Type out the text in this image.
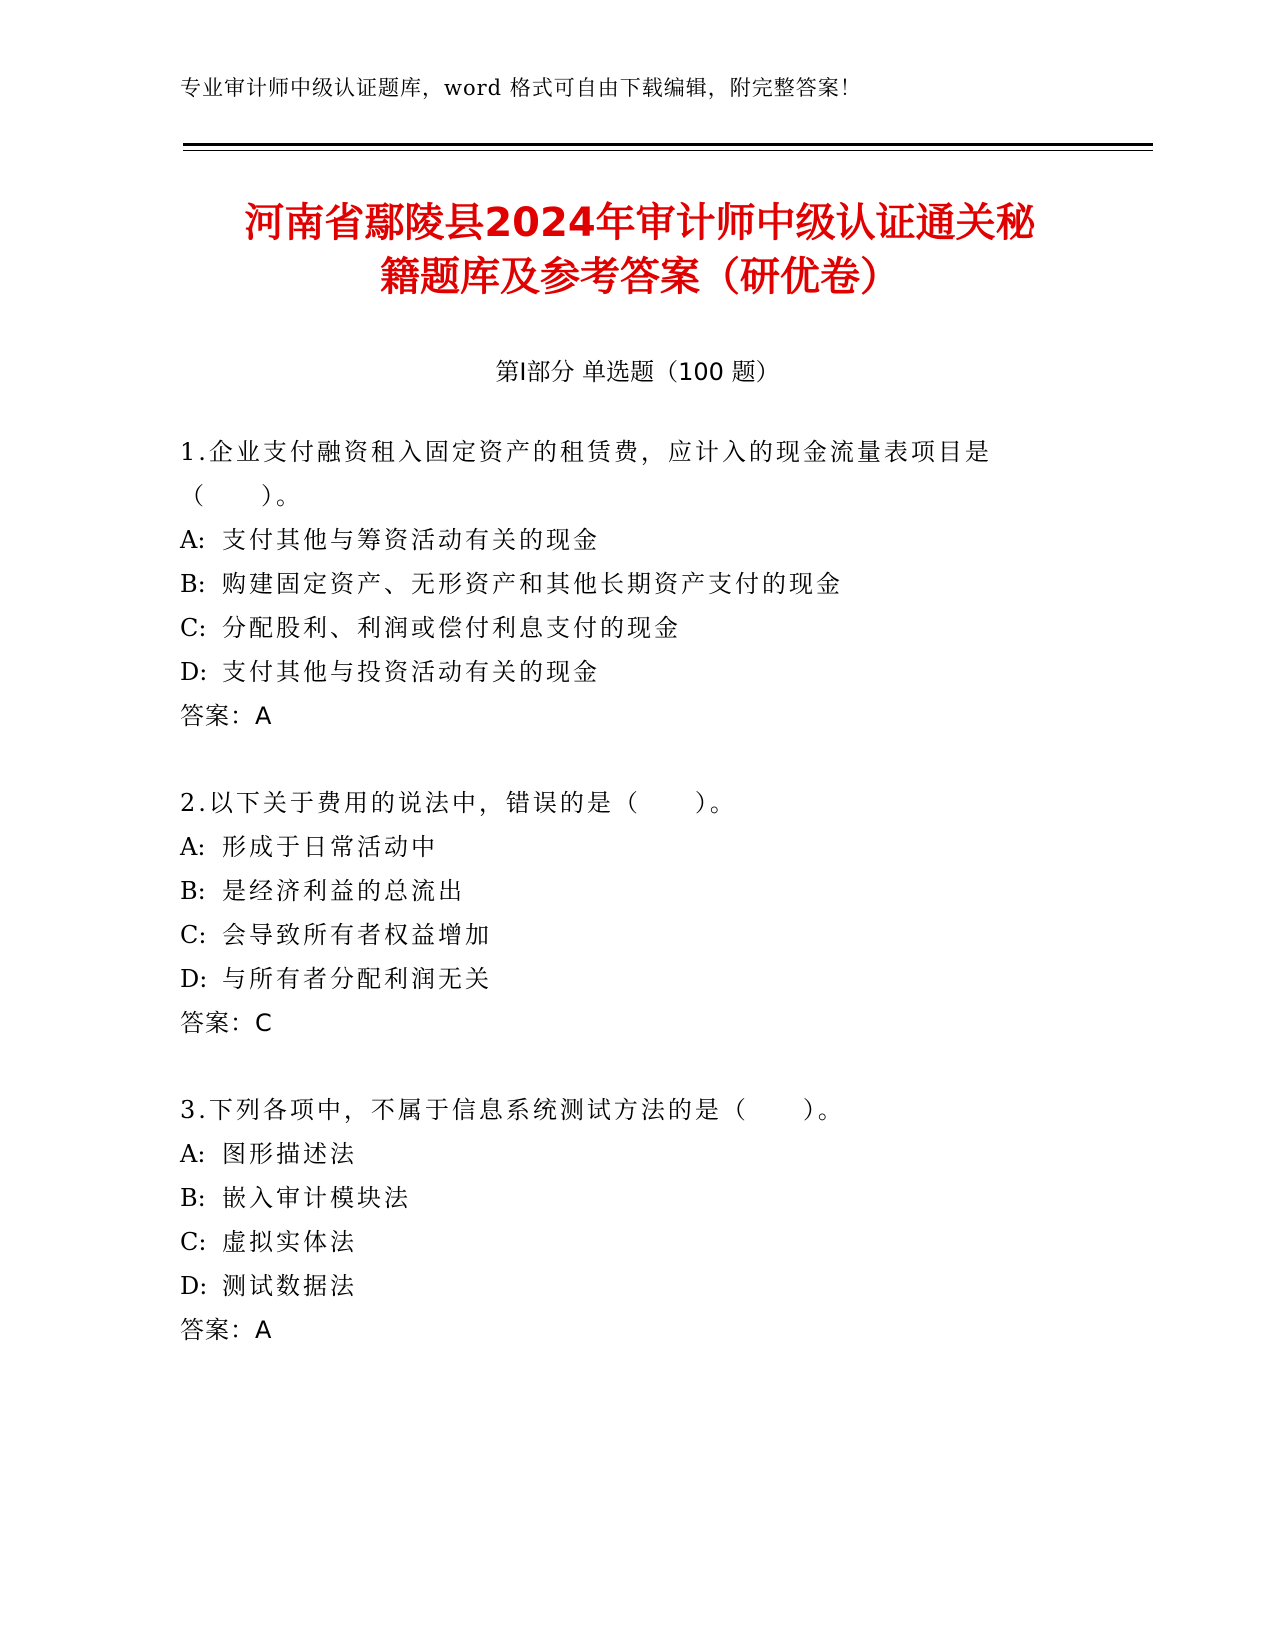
专业审计师中级认证题库，word 格式可自由下载编辑，附完整答案！
河南省鄢陵县2024年审计师中级认证通关秘
籍题库及参考答案（研优卷）
第Ⅰ部分 单选题（100 题）
1.企业支付融资租入固定资产的租赁费，应计入的现金流量表项目是
（　　）。
A: 支付其他与筹资活动有关的现金
B: 购建固定资产、无形资产和其他长期资产支付的现金
C: 分配股利、利润或偿付利息支付的现金
D: 支付其他与投资活动有关的现金
答案：A
2.以下关于费用的说法中，错误的是（　　）。
A: 形成于日常活动中
B: 是经济利益的总流出
C: 会导致所有者权益增加
D: 与所有者分配利润无关
答案：C
3.下列各项中，不属于信息系统测试方法的是（　　）。
A: 图形描述法
B: 嵌入审计模块法
C: 虚拟实体法
D: 测试数据法
答案：A
